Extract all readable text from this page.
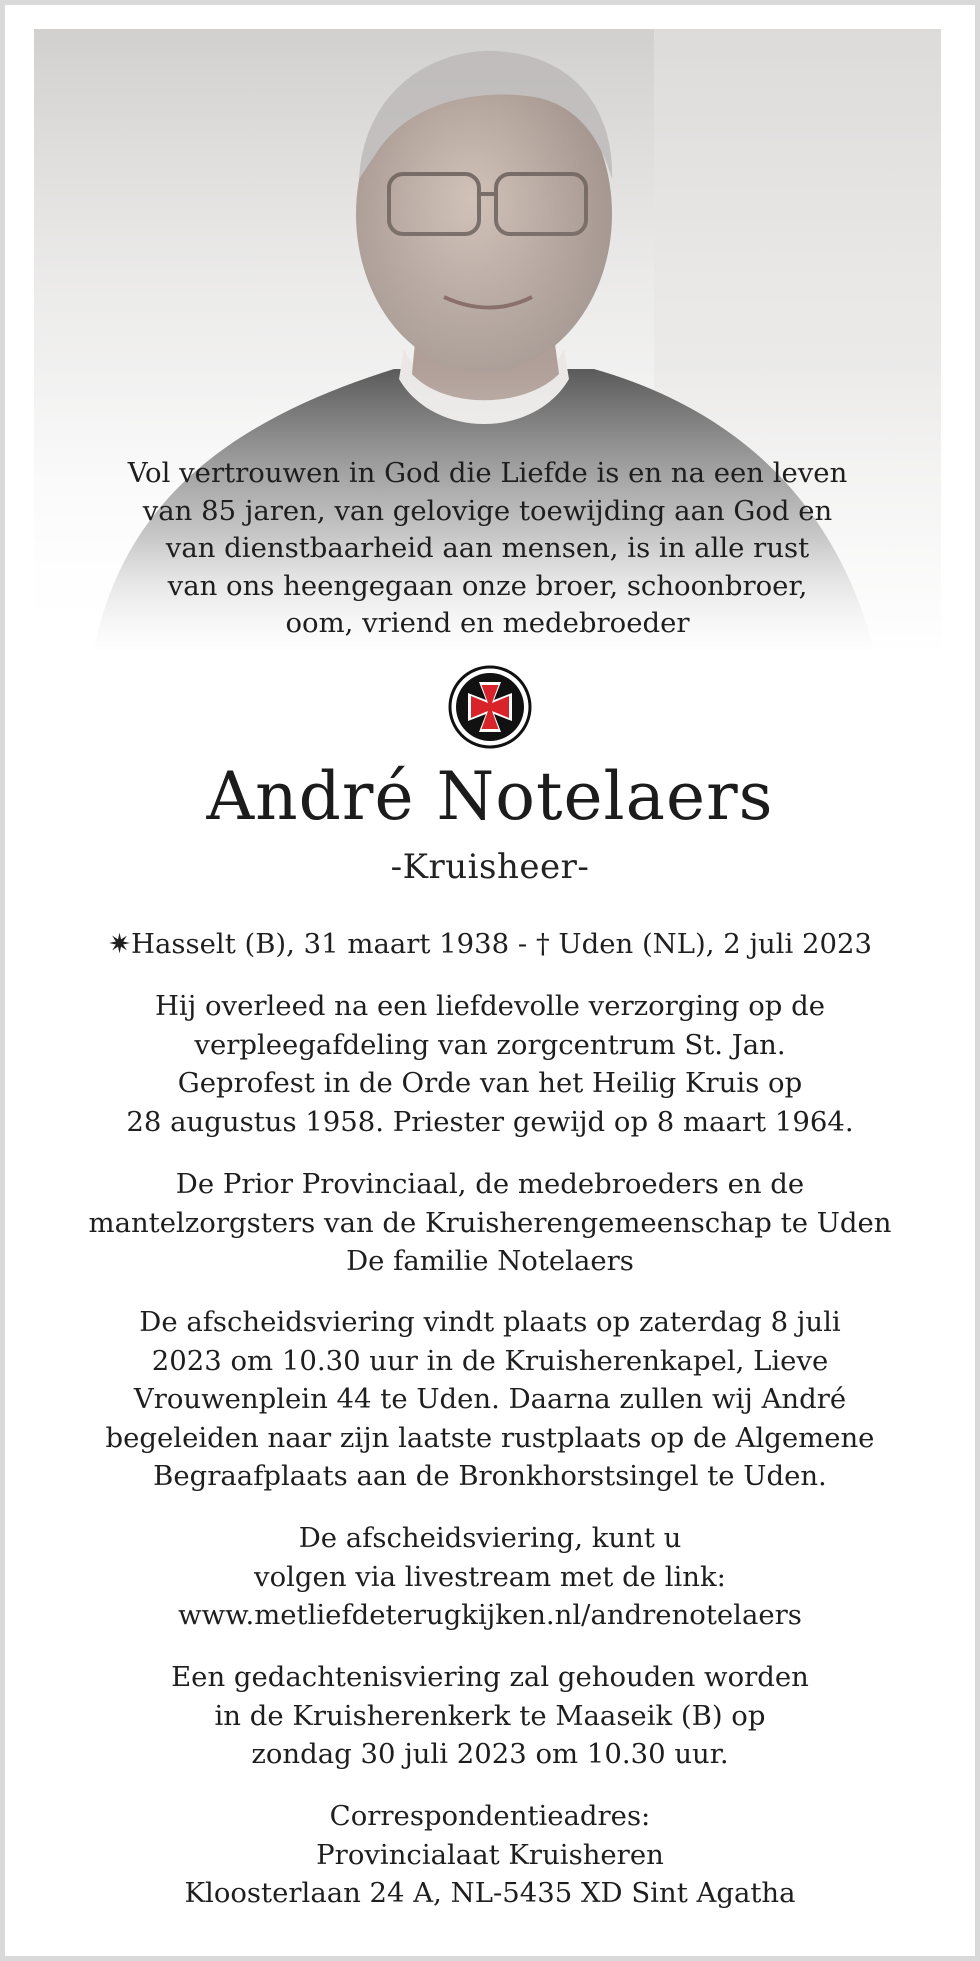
Vol vertrouwen in God die Liefde is en na een leven
van 85 jaren, van gelovige toewijding aan God en
van dienstbaarheid aan mensen, is in alle rust
van ons heengegaan onze broer, schoonbroer,
oom, vriend en medebroeder
André Notelaers
-Kruisheer-
✷Hasselt (B), 31 maart 1938 - † Uden (NL), 2 juli 2023
Hij overleed na een liefdevolle verzorging op de
verpleegafdeling van zorgcentrum St. Jan.
Geprofest in de Orde van het Heilig Kruis op
28 augustus 1958. Priester gewijd op 8 maart 1964.
De Prior Provinciaal, de medebroeders en de
mantelzorgsters van de Kruisherengemeenschap te Uden
De familie Notelaers
De afscheidsviering vindt plaats op zaterdag 8 juli
2023 om 10.30 uur in de Kruisherenkapel, Lieve
Vrouwenplein 44 te Uden. Daarna zullen wij André
begeleiden naar zijn laatste rustplaats op de Algemene
Begraafplaats aan de Bronkhorstsingel te Uden.
De afscheidsviering, kunt u
volgen via livestream met de link:
www.metliefdeterugkijken.nl/andrenotelaers
Een gedachtenisviering zal gehouden worden
in de Kruisherenkerk te Maaseik (B) op
zondag 30 juli 2023 om 10.30 uur.
Correspondentieadres:
Provincialaat Kruisheren
Kloosterlaan 24 A, NL-5435 XD Sint Agatha
